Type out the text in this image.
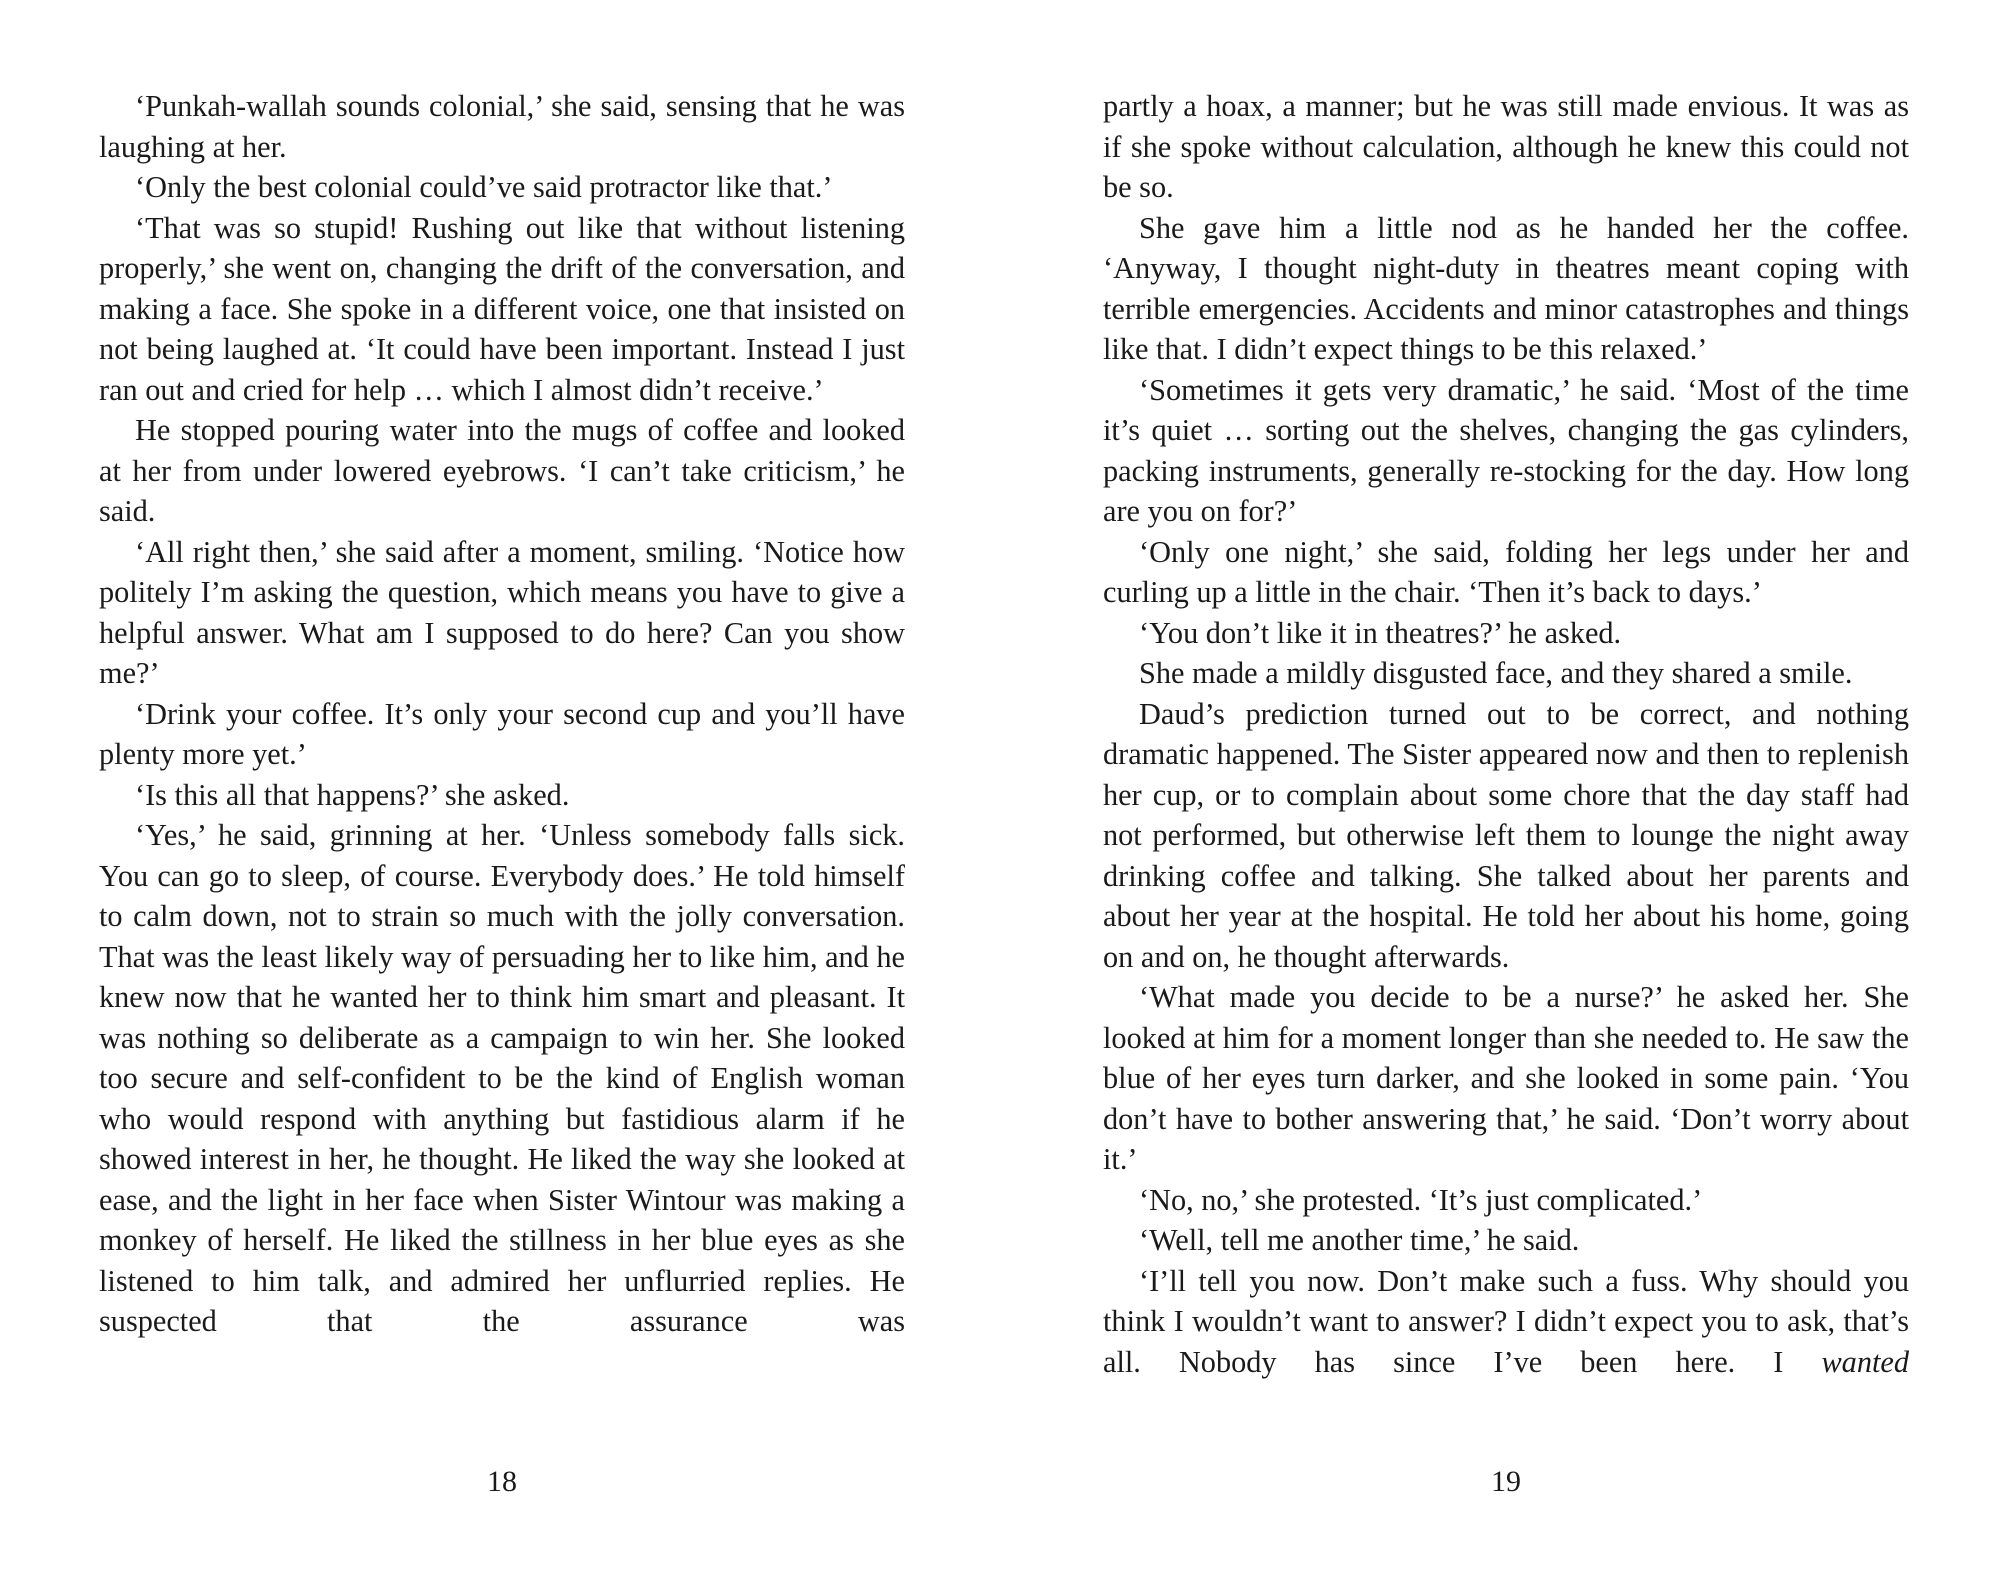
‘Punkah-wallah sounds colonial,’ she said, sensing that he was laughing at her.

‘Only the best colonial could’ve said protractor like that.’

‘That was so stupid! Rushing out like that without listening properly,’ she went on, changing the drift of the conversation, and making a face. She spoke in a different voice, one that insisted on not being laughed at. ‘It could have been important. Instead I just ran out and cried for help … which I almost didn’t receive.’

He stopped pouring water into the mugs of coffee and looked at her from under lowered eyebrows. ‘I can’t take criticism,’ he said.

‘All right then,’ she said after a moment, smiling. ‘Notice how politely I’m asking the question, which means you have to give a helpful answer. What am I supposed to do here? Can you show me?’

‘Drink your coffee. It’s only your second cup and you’ll have plenty more yet.’

‘Is this all that happens?’ she asked.

‘Yes,’ he said, grinning at her. ‘Unless somebody falls sick. You can go to sleep, of course. Everybody does.’ He told himself to calm down, not to strain so much with the jolly conversation. That was the least likely way of persuading her to like him, and he knew now that he wanted her to think him smart and pleasant. It was nothing so deliberate as a campaign to win her. She looked too secure and self-confident to be the kind of English woman who would respond with anything but fastidious alarm if he showed interest in her, he thought. He liked the way she looked at ease, and the light in her face when Sister Wintour was making a monkey of herself. He liked the stillness in her blue eyes as she listened to him talk, and admired her unflurried replies. He suspected that the assurance was

18

partly a hoax, a manner; but he was still made envious. It was as if she spoke without calculation, although he knew this could not be so.

She gave him a little nod as he handed her the coffee. ‘Anyway, I thought night-duty in theatres meant coping with terrible emergencies. Accidents and minor catastrophes and things like that. I didn’t expect things to be this relaxed.’

‘Sometimes it gets very dramatic,’ he said. ‘Most of the time it’s quiet … sorting out the shelves, changing the gas cylinders, packing instruments, generally re-stocking for the day. How long are you on for?’

‘Only one night,’ she said, folding her legs under her and curling up a little in the chair. ‘Then it’s back to days.’

‘You don’t like it in theatres?’ he asked.

She made a mildly disgusted face, and they shared a smile.

Daud’s prediction turned out to be correct, and nothing dramatic happened. The Sister appeared now and then to replenish her cup, or to complain about some chore that the day staff had not performed, but otherwise left them to lounge the night away drinking coffee and talking. She talked about her parents and about her year at the hospital. He told her about his home, going on and on, he thought afterwards.

‘What made you decide to be a nurse?’ he asked her. She looked at him for a moment longer than she needed to. He saw the blue of her eyes turn darker, and she looked in some pain. ‘You don’t have to bother answering that,’ he said. ‘Don’t worry about it.’

‘No, no,’ she protested. ‘It’s just complicated.’

‘Well, tell me another time,’ he said.

‘I’ll tell you now. Don’t make such a fuss. Why should you think I wouldn’t want to answer? I didn’t expect you to ask, that’s all. Nobody has since I’ve been here. I wanted

19
